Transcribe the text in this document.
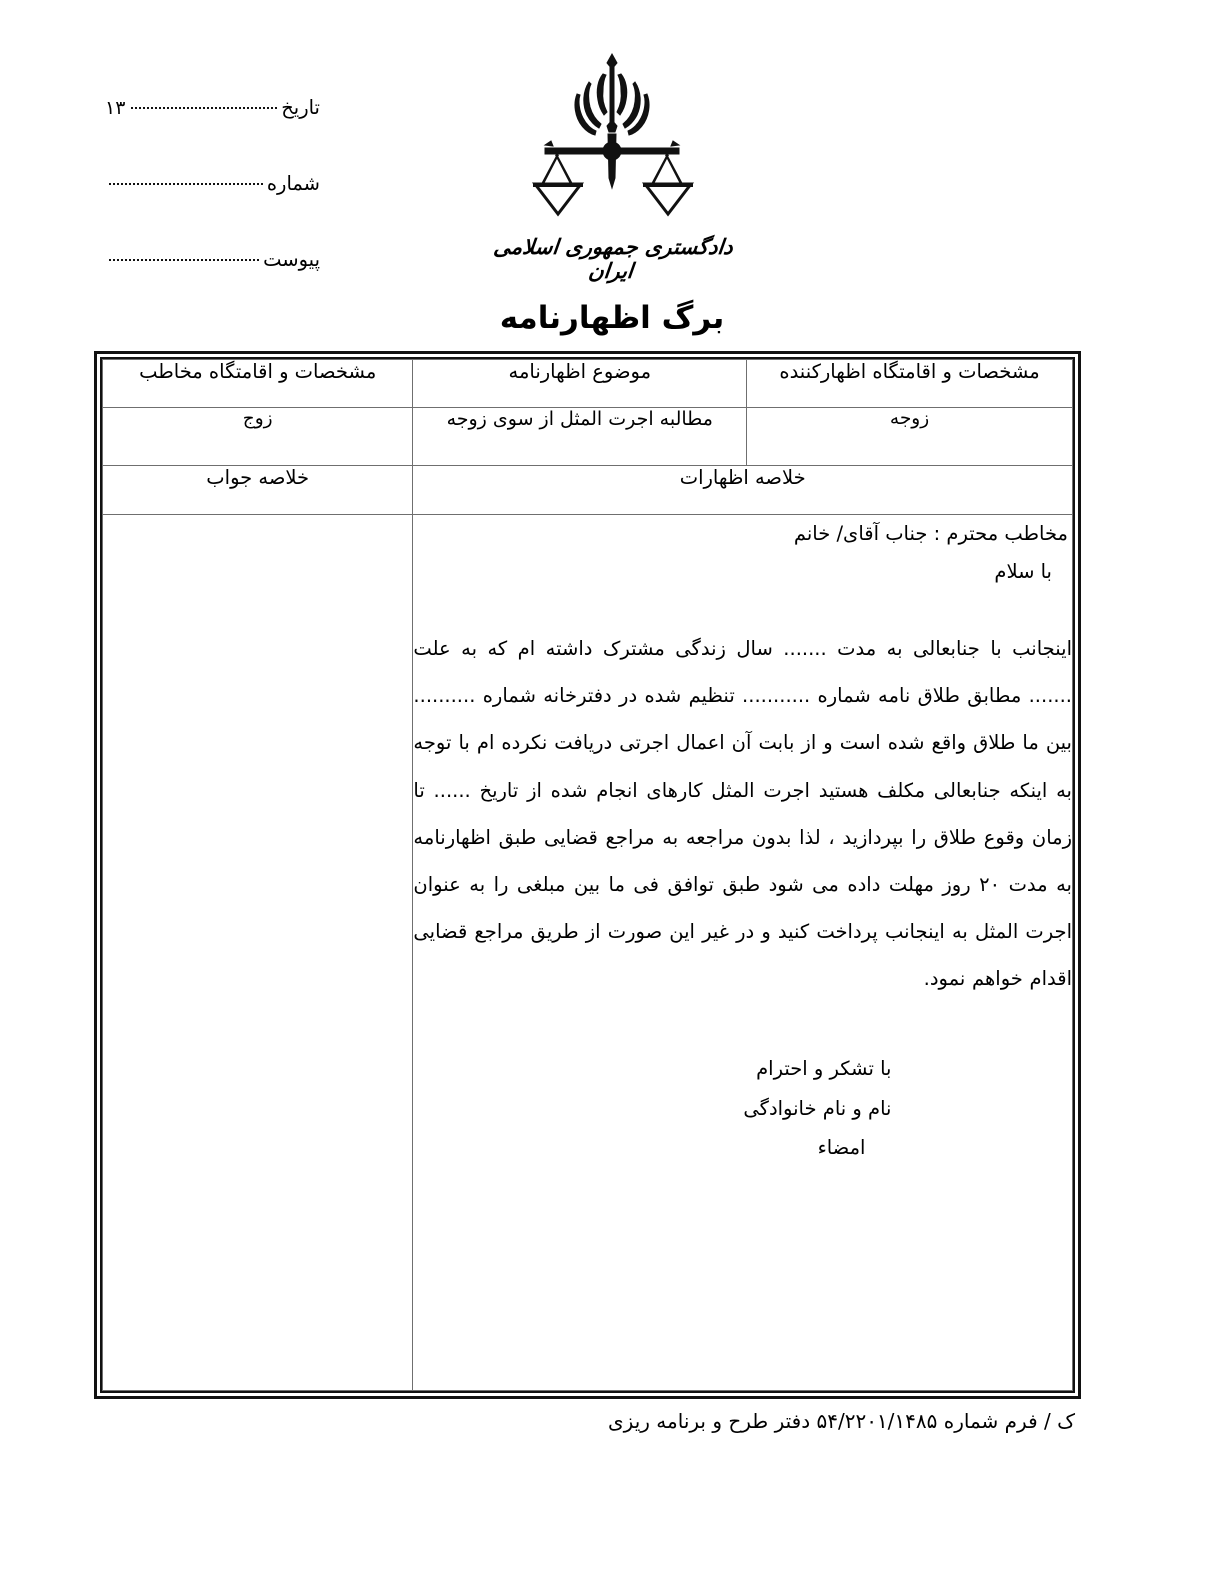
تاریخ
۱۳
شماره
پیوست
دادگستری جمهوری اسلامی ایران
برگ اظهارنامه
مشخصات و اقامتگاه اظهارکننده	موضوع اظهارنامه	مشخصات و اقامتگاه مخاطب
زوجه	مطالبه اجرت المثل از سوی زوجه	زوج
خلاصه اظهارات		خلاصه جواب

مخاطب محترم : جناب آقای/ خانم
با سلام
اینجانب با جنابعالی به مدت ....... سال زندگی مشترک داشته ام که به علت ....... مطابق طلاق نامه شماره ........... تنظیم شده در دفترخانه شماره .......... بین ما طلاق واقع شده است و از بابت آن اعمال اجرتی دریافت نکرده ام با توجه به اینکه جنابعالی مکلف هستید اجرت المثل کارهای انجام شده از تاریخ ...... تا زمان وقوع طلاق را بپردازید ، لذا بدون مراجعه به مراجع قضایی طبق اظهارنامه به مدت ۲۰ روز مهلت داده می شود طبق توافق فی ما بین مبلغی را به عنوان اجرت المثل به اینجانب پرداخت کنید و در غیر این صورت از طریق مراجع قضایی اقدام خواهم نمود.
با تشکر و احترام
نام و نام خانوادگی
امضاء

ک / فرم شماره ۵۴/۲۲۰۱/۱۴۸۵ دفتر طرح و برنامه ریزی
